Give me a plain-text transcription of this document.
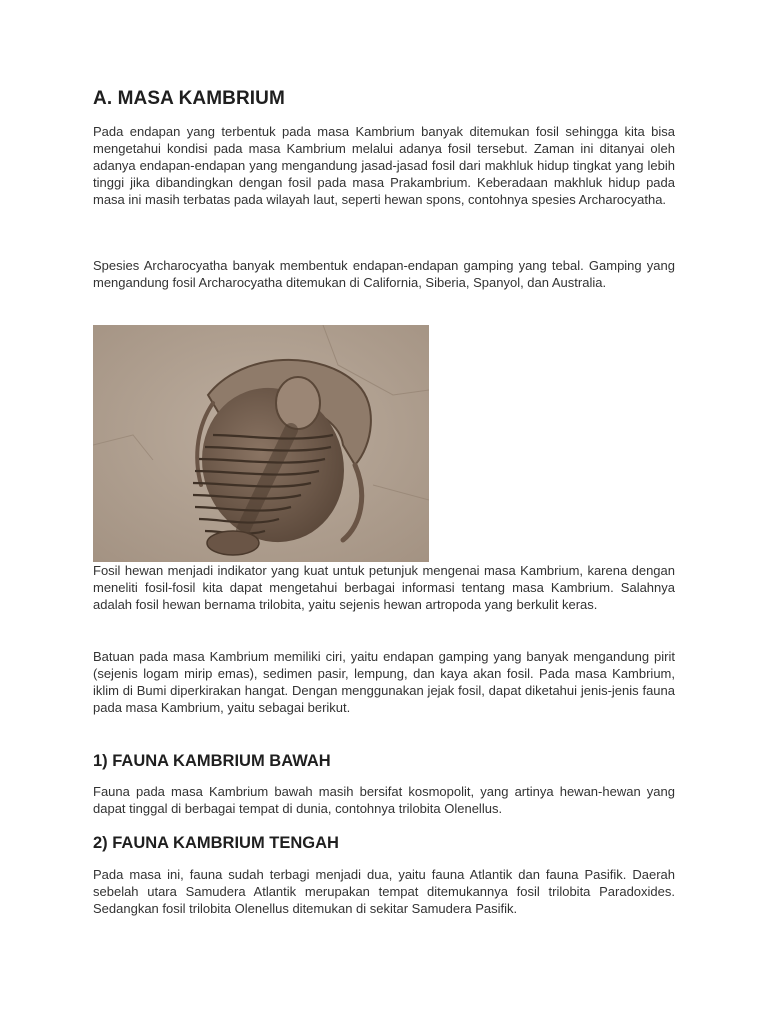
A. MASA KAMBRIUM

Pada endapan yang terbentuk pada masa Kambrium banyak ditemukan fosil sehingga kita bisa mengetahui kondisi pada masa Kambrium melalui adanya fosil tersebut. Zaman ini ditanyai oleh adanya endapan-endapan yang mengandung jasad-jasad fosil dari makhluk hidup tingkat yang lebih tinggi jika dibandingkan dengan fosil pada masa Prakambrium. Keberadaan makhluk hidup pada masa ini masih terbatas pada wilayah laut, seperti hewan spons, contohnya spesies Archarocyatha.

Spesies Archarocyatha banyak membentuk endapan-endapan gamping yang tebal. Gamping yang mengandung fosil Archarocyatha ditemukan di California, Siberia, Spanyol, dan Australia.

Fosil hewan menjadi indikator yang kuat untuk petunjuk mengenai masa Kambrium, karena dengan meneliti fosil-fosil kita dapat mengetahui berbagai informasi tentang masa Kambrium. Salahnya adalah fosil hewan bernama trilobita, yaitu sejenis hewan artropoda yang berkulit keras.

Batuan pada masa Kambrium memiliki ciri, yaitu endapan gamping yang banyak mengandung pirit (sejenis logam mirip emas), sedimen pasir, lempung, dan kaya akan fosil. Pada masa Kambrium, iklim di Bumi diperkirakan hangat. Dengan menggunakan jejak fosil, dapat diketahui jenis-jenis fauna pada masa Kambrium, yaitu sebagai berikut.

1) FAUNA KAMBRIUM BAWAH

Fauna pada masa Kambrium bawah masih bersifat kosmopolit, yang artinya hewan-hewan yang dapat tinggal di berbagai tempat di dunia, contohnya trilobita Olenellus.

2) FAUNA KAMBRIUM TENGAH

Pada masa ini, fauna sudah terbagi menjadi dua, yaitu fauna Atlantik dan fauna Pasifik. Daerah sebelah utara Samudera Atlantik merupakan tempat ditemukannya fosil trilobita Paradoxides. Sedangkan fosil trilobita Olenellus ditemukan di sekitar Samudera Pasifik.
